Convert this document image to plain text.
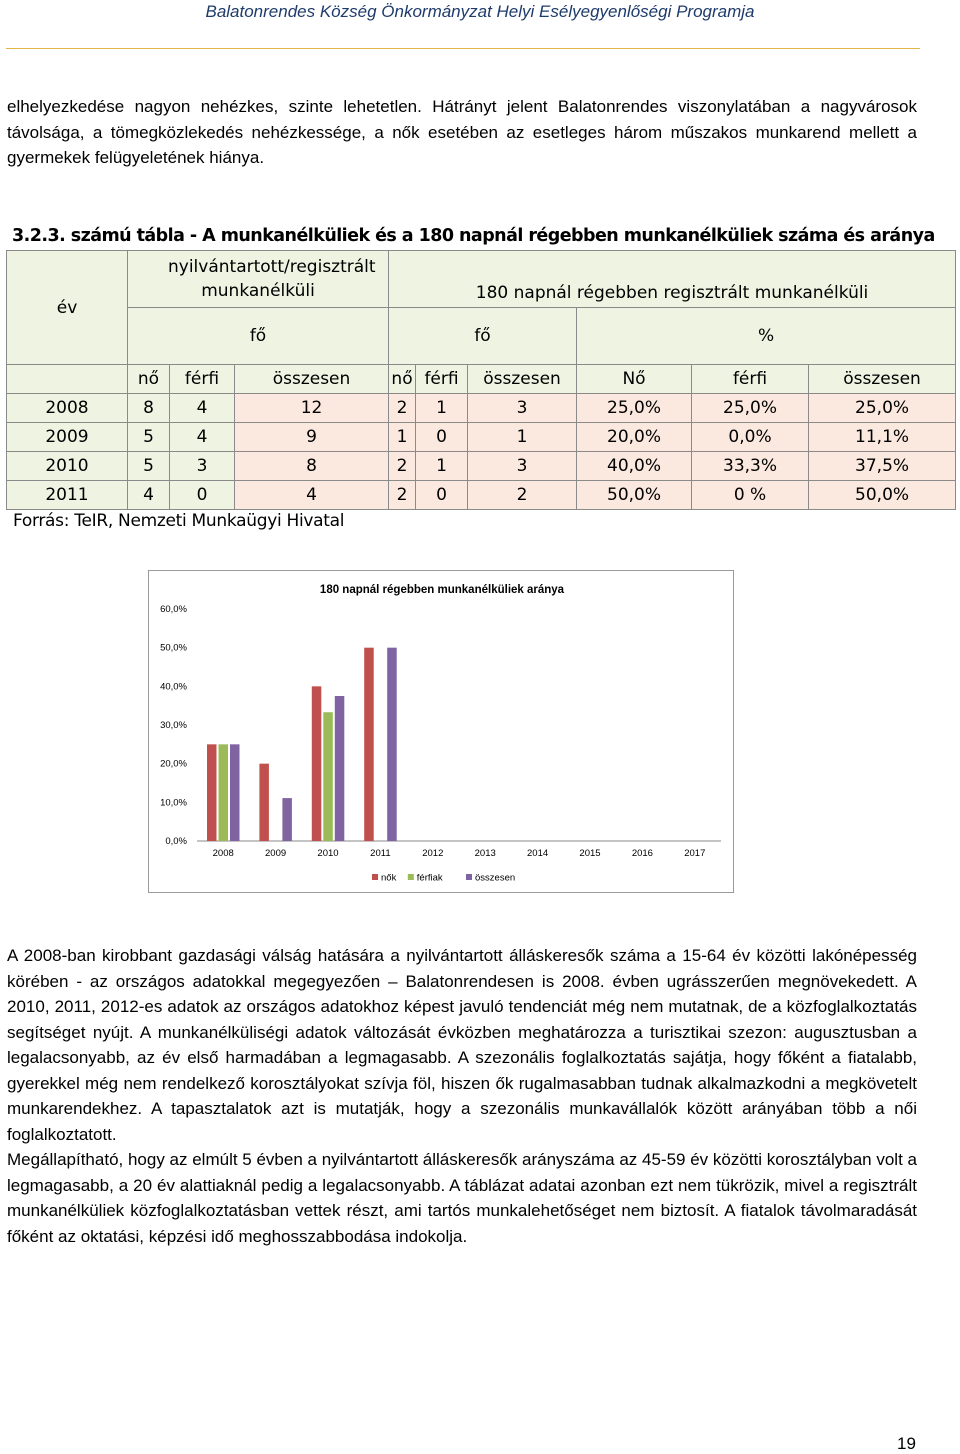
Balatonrendes Község Önkormányzat Helyi Esélyegyenlőségi Programja
elhelyezkedése nagyon nehézkes, szinte lehetetlen. Hátrányt jelent Balatonrendes viszonylatában a nagyvárosok távolsága, a tömegközlekedés nehézkessége, a nők esetében az esetleges három műszakos munkarend mellett a gyermekek felügyeletének hiánya.
3.2.3. számú tábla - A munkanélküliek és a 180 napnál régebben munkanélküliek száma és aránya
év	nyilvántartott/regisztrált munkanélküli			180 napnál régebben regisztrált munkanélküli					
	fő			fő			%		
	nő	férfi	összesen	nő	férfi	összesen	Nő	férfi	összesen
2008	8	4	12	2	1	3	25,0%	25,0%	25,0%
2009	5	4	9	1	0	1	20,0%	0,0%	11,1%
2010	5	3	8	2	1	3	40,0%	33,3%	37,5%
2011	4	0	4	2	0	2	50,0%	0 %	50,0%
Forrás: TeIR, Nemzeti Munkaügyi Hivatal
180 napnál régebben munkanélküliek aránya
0,0%
10,0%
20,0%
30,0%
40,0%
50,0%
60,0%
2008	2009	2010	2011	2012	2013	2014	2015	2016	2017
nők férfiak	összesen
A 2008-ban kirobbant gazdasági válság hatására a nyilvántartott álláskeresők száma a 15-64 év közötti lakónépesség körében - az országos adatokkal megegyezően – Balatonrendesen is 2008. évben ugrásszerűen megnövekedett. A 2010, 2011, 2012-es adatok az országos adatokhoz képest javuló tendenciát még nem mutatnak, de a közfoglalkoztatás segítséget nyújt. A munkanélküliségi adatok változását évközben meghatározza a turisztikai szezon: augusztusban a legalacsonyabb, az év első harmadában a legmagasabb. A szezonális foglalkoztatás sajátja, hogy főként a fiatalabb, gyerekkel még nem rendelkező korosztályokat szívja föl, hiszen ők rugalmasabban tudnak alkalmazkodni a megkövetelt munkarendekhez. A tapasztalatok azt is mutatják, hogy a szezonális munkavállalók között arányában több a női foglalkoztatott.
Megállapítható, hogy az elmúlt 5 évben a nyilvántartott álláskeresők arányszáma az 45-59 év közötti korosztályban volt a legmagasabb, a 20 év alattiaknál pedig a legalacsonyabb. A táblázat adatai azonban ezt nem tükrözik, mivel a regisztrált munkanélküliek közfoglalkoztatásban vettek részt, ami tartós munkalehetőséget nem biztosít. A fiatalok távolmaradását főként az oktatási, képzési idő meghosszabbodása indokolja.
19
